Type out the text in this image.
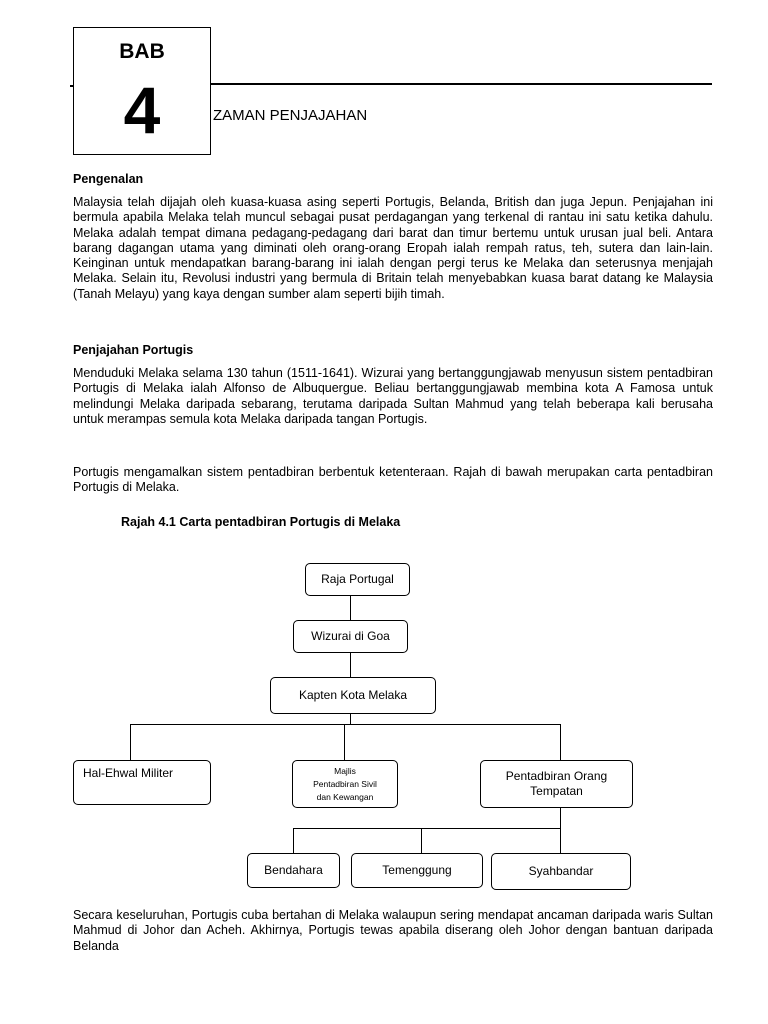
BAB
4	ZAMAN PENJAJAHAN
Pengenalan

Malaysia telah dijajah oleh kuasa-kuasa asing seperti Portugis, Belanda, British dan juga Jepun. Penjajahan ini bermula apabila Melaka telah muncul sebagai pusat perdagangan yang terkenal di rantau ini satu ketika dahulu. Melaka adalah tempat dimana pedagang-pedagang dari barat dan timur bertemu untuk urusan jual beli. Antara barang dagangan utama yang diminati oleh orang-orang Eropah ialah rempah ratus, teh, sutera dan lain-lain. Keinginan untuk mendapatkan barang-barang ini ialah dengan pergi terus ke Melaka dan seterusnya menjajah Melaka. Selain itu, Revolusi industri yang bermula di Britain telah menyebabkan kuasa barat datang ke Malaysia (Tanah Melayu) yang kaya dengan sumber alam seperti bijih timah.

Penjajahan Portugis

Menduduki Melaka selama 130 tahun (1511-1641). Wizurai yang bertanggungjawab menyusun sistem pentadbiran Portugis di Melaka ialah Alfonso de Albuquergue. Beliau bertanggungjawab membina kota A Famosa untuk melindungi Melaka daripada sebarang, terutama daripada Sultan Mahmud yang telah beberapa kali berusaha untuk merampas semula kota Melaka daripada tangan Portugis.

Portugis mengamalkan sistem pentadbiran berbentuk ketenteraan. Rajah di bawah merupakan carta pentadbiran Portugis di Melaka.

Rajah 4.1 Carta pentadbiran Portugis di Melaka
Raja Portugal
Wizurai di Goa
Kapten Kota Melaka
Hal-Ehwal Militer	Majlis
Pentadbiran Sivil
dan Kewangan
Pentadbiran Orang
Tempatan
Bendahara	Temenggung	Syahbandar

Secara keseluruhan, Portugis cuba bertahan di Melaka walaupun sering mendapat ancaman daripada waris Sultan Mahmud di Johor dan Acheh. Akhirnya, Portugis tewas apabila diserang oleh Johor dengan bantuan daripada Belanda
